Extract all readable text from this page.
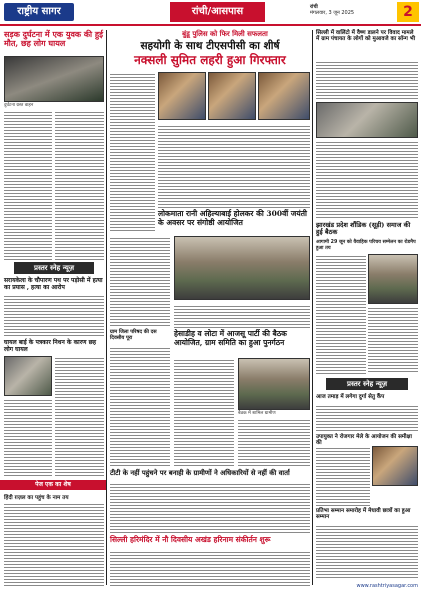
राष्ट्रीय सागर	रांची/आसपास	रांची
मंगलवार, 3 जून 2025	2
सड़क दुर्घटना में एक युवक की हुई मौत, छह लोग घायल
दुर्घटना ग्रस्त वाहन
प्रस्तर स्नेह न्यूज़
सरायकेला के चौपारण पथ पर पड़ोसी में हत्या का प्रयास , हत्या का आरोप
घायल बाई के पत्रकार निधन के कारण छह लोग घायल
पेज एक का शेष
हिंदी ग़ज़ल का पहुंच के नाम तय
बुंडू पुलिस को फिर मिली सफलता
सहयोगी के साथ टीएसपीसी का शीर्ष
नक्सली सुमित लहरी हुआ गिरफ्तार
लोकमाता रानी अहिल्याबाई होलकर की 300वीं जयंती के अवसर पर संगोष्ठी आयोजित
ग्राम जिला परिषद की दस दिवसीय पूरा	हेसाडीह व लोटा में आजसू पार्टी की बैठक आयोजित, ग्राम समिति का हुआ पुनर्गठन
बैठक में शामिल ग्रामीण
टीटी के नहीं पहुंचने पर बनाही के ग्रामीणों ने अधिकारियों से नहीं की वार्ता
सिल्ली हरिमंदिर में नौ दिवसीय अखंड हरिनाम संकीर्तन शुरू
सिल्ली में वालिंटो में वैष्ण डालने पर विवाद मामले में ग्राम पंचायत के लोगों को मुआवजे का सॉन्ग भी
झारखंड प्रदेश शौंडिक (सूड़ी) समाज की हुई बैठक
आगामी 29 जून को वैवाहिक परिचय सम्मेलन का रोडमैप हुआ तय
प्रस्तर स्नेह न्यूज़
आज तमाड़ में लगेगा दुर्गा सेतु कैंप
उपायुक्त ने रोजगार मेले के आयोजन की समीक्षा की
प्रतिभा सम्मान समारोह में मेधावी छात्रों का हुआ सम्मान
www.rashtriyasagar.com
